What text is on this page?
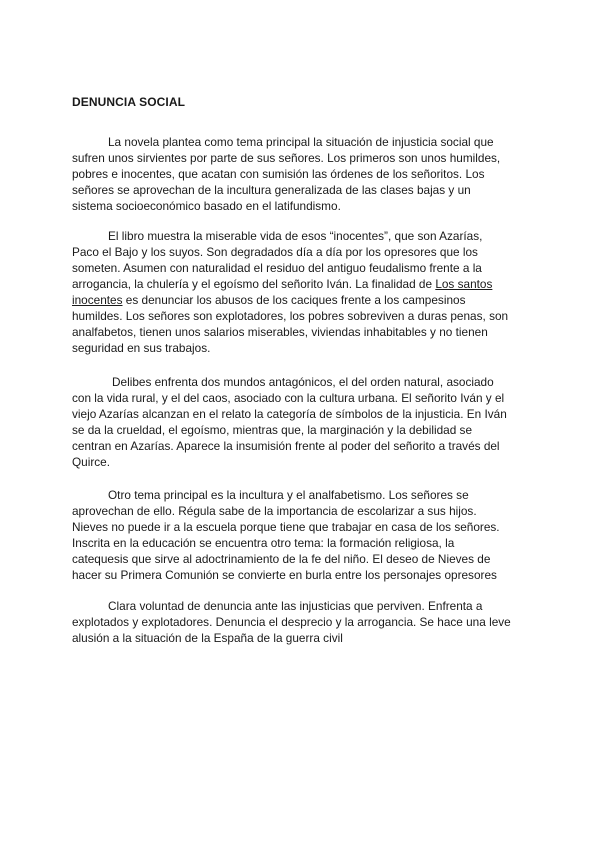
DENUNCIA SOCIAL
La novela plantea como tema principal la situación de injusticia social que
sufren unos sirvientes por parte de sus señores. Los primeros son unos humildes,
pobres e inocentes, que acatan con sumisión las órdenes de los señoritos. Los
señores se aprovechan de la incultura generalizada de las clases bajas y un
sistema socioeconómico basado en el latifundismo.
El libro muestra la miserable vida de esos “inocentes”, que son Azarías,
Paco el Bajo y los suyos. Son degradados día a día por los opresores que los
someten. Asumen con naturalidad el residuo del antiguo feudalismo frente a la
arrogancia, la chulería y el egoísmo del señorito Iván. La finalidad de Los santos
inocentes es denunciar los abusos de los caciques frente a los campesinos
humildes. Los señores son explotadores, los pobres sobreviven a duras penas, son
analfabetos, tienen unos salarios miserables, viviendas inhabitables y no tienen
seguridad en sus trabajos.
Delibes enfrenta dos mundos antagónicos, el del orden natural, asociado
con la vida rural, y el del caos, asociado con la cultura urbana. El señorito Iván y el
viejo Azarías alcanzan en el relato la categoría de símbolos de la injusticia. En Iván
se da la crueldad, el egoísmo, mientras que, la marginación y la debilidad se
centran en Azarías. Aparece la insumisión frente al poder del señorito a través del
Quirce.
Otro tema principal es la incultura y el analfabetismo. Los señores se
aprovechan de ello. Régula sabe de la importancia de escolarizar a sus hijos.
Nieves no puede ir a la escuela porque tiene que trabajar en casa de los señores.
Inscrita en la educación se encuentra otro tema: la formación religiosa, la
catequesis que sirve al adoctrinamiento de la fe del niño. El deseo de Nieves de
hacer su Primera Comunión se convierte en burla entre los personajes opresores
Clara voluntad de denuncia ante las injusticias que perviven. Enfrenta a
explotados y explotadores. Denuncia el desprecio y la arrogancia. Se hace una leve
alusión a la situación de la España de la guerra civil
